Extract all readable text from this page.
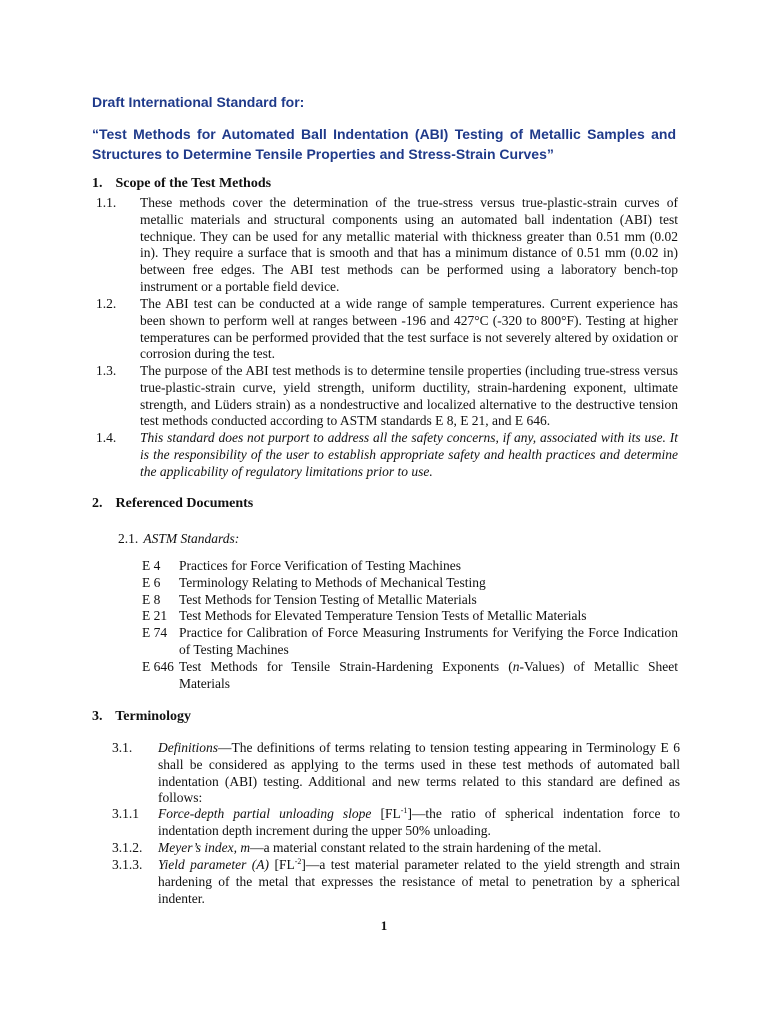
Draft International Standard for:
“Test Methods for Automated Ball Indentation (ABI) Testing of Metallic Samples and Structures to Determine Tensile Properties and Stress-Strain Curves”
1. Scope of the Test Methods

1.1. These methods cover the determination of the true-stress versus true-plastic-strain curves of metallic materials and structural components using an automated ball indentation (ABI) test technique. They can be used for any metallic material with thickness greater than 0.51 mm (0.02 in). They require a surface that is smooth and that has a minimum distance of 0.51 mm (0.02 in) between free edges. The ABI test methods can be performed using a laboratory bench-top instrument or a portable field device.

1.2. The ABI test can be conducted at a wide range of sample temperatures. Current experience has been shown to perform well at ranges between -196 and 427°C (-320 to 800°F). Testing at higher temperatures can be performed provided that the test surface is not severely altered by oxidation or corrosion during the test.

1.3. The purpose of the ABI test methods is to determine tensile properties (including true-stress versus true-plastic-strain curve, yield strength, uniform ductility, strain-hardening exponent, ultimate strength, and Lüders strain) as a nondestructive and localized alternative to the destructive tension test methods conducted according to ASTM standards E 8, E 21, and E 646.

1.4. This standard does not purport to address all the safety concerns, if any, associated with its use. It is the responsibility of the user to establish appropriate safety and health practices and determine the applicability of regulatory limitations prior to use.

2. Referenced Documents
2.1. ASTM Standards:
E 4	Practices for Force Verification of Testing Machines
E 6	Terminology Relating to Methods of Mechanical Testing
E 8	Test Methods for Tension Testing of Metallic Materials
E 21 Test Methods for Elevated Temperature Tension Tests of Metallic Materials
E 74 Practice for Calibration of Force Measuring Instruments for Verifying the Force Indication of Testing Machines
E 646 Test Methods for Tensile Strain-Hardening Exponents (n-Values) of Metallic Sheet Materials
3. Terminology
3.1.	Definitions—The definitions of terms relating to tension testing appearing in Terminology E 6 shall be considered as applying to the terms used in these test methods of automated ball indentation (ABI) testing. Additional and new terms related to this standard are defined as follows:
3.1.1	Force-depth partial unloading slope $[FL^{-1}]—the$ ratio of spherical indentation force to indentation depth increment during the upper 50% unloading.
3.1.2.	Meyer’s index, m—a material constant related to the strain hardening of the metal.
3.1.3.	Yield parameter (A) $[FL^{-2}]—a$ test material parameter related to the yield strength and strain hardening of the metal that expresses the resistance of metal to penetration by a spherical indenter.
1
